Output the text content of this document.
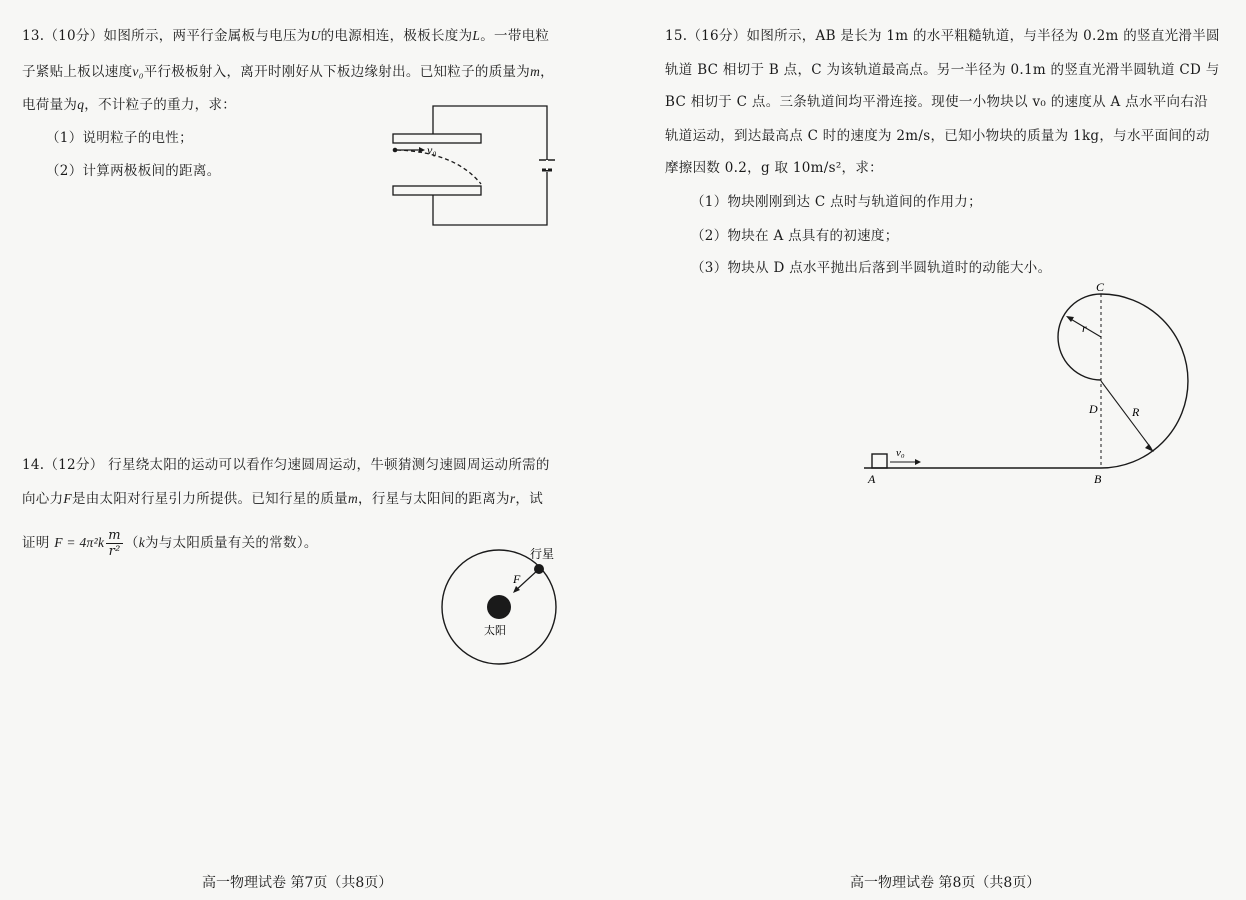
13.（10分）如图所示，两平行金属板与电压为U的电源相连，极板长度为L。一带电粒
子紧贴上板以速度v₀平行极板射入，离开时刚好从下板边缘射出。已知粒子的质量为m，
电荷量为q，不计粒子的重力，求：
（1）说明粒子的电性；
（2）计算两极板间的距离。
v₀
14.（12分） 行星绕太阳的运动可以看作匀速圆周运动，牛顿猜测匀速圆周运动所需的
向心力F是由太阳对行星引力所提供。已知行星的质量m，行星与太阳间的距离为r，试
证明 $F = 4\pi^2k \frac{m}{\text{r²}} (k$为与太阳质量有关的常数）。
行星
F
太阳
高一物理试卷 第7页（共8页）
15.（16分）如图所示，AB 是长为 1m 的水平粗糙轨道，与半径为 0.2m 的竖直光滑半圆
轨道 BC 相切于 B 点，C 为该轨道最高点。另一半径为 0.1m 的竖直光滑半圆轨道 CD 与
BC 相切于 C 点。三条轨道间均平滑连接。现使一小物块以 v₀ 的速度从 A 点水平向右沿
轨道运动，到达最高点 C 时的速度为 2m/s，已知小物块的质量为 1kg，与水平面间的动
摩擦因数 0.2，g 取 10m/s²，求：
（1）物块刚刚到达 C 点时与轨道间的作用力；
（2）物块在 A 点具有的初速度；
（3）物块从 D 点水平抛出后落到半圆轨道时的动能大小。
C
r
D	R
v₀
A	B
高一物理试卷 第8页（共8页）
